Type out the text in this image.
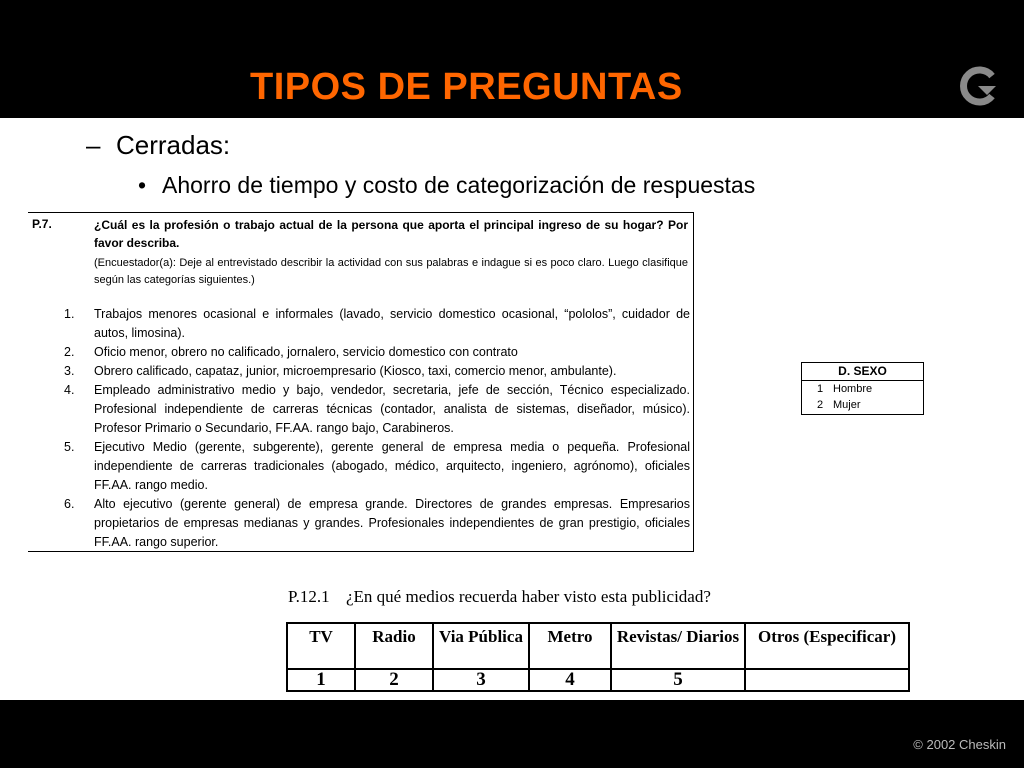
TIPOS DE PREGUNTAS
– Cerradas:
• Ahorro de tiempo y costo de categorización de respuestas
P.7.	¿Cuál es la profesión o trabajo actual de la persona que aporta el principal ingreso de su hogar? Por favor describa.
(Encuestador(a): Deje al entrevistado describir la actividad con sus palabras e indague si es poco claro. Luego clasifique según las categorías siguientes.)
1. Trabajos menores ocasional e informales (lavado, servicio domestico ocasional, “pololos”, cuidador de autos, limosina).
2. Oficio menor, obrero no calificado, jornalero, servicio domestico con contrato
3. Obrero calificado, capataz, junior, microempresario (Kiosco, taxi, comercio menor, ambulante).
4. Empleado administrativo medio y bajo, vendedor, secretaria, jefe de sección, Técnico especializado. Profesional independiente de carreras técnicas (contador, analista de sistemas, diseñador, músico). Profesor Primario o Secundario, FF.AA. rango bajo, Carabineros.
5. Ejecutivo Medio (gerente, subgerente), gerente general de empresa media o pequeña. Profesional independiente de carreras tradicionales (abogado, médico, arquitecto, ingeniero, agrónomo), oficiales FF.AA. rango medio.
6. Alto ejecutivo (gerente general) de empresa grande. Directores de grandes empresas. Empresarios propietarios de empresas medianas y grandes. Profesionales independientes de gran prestigio, oficiales FF.AA. rango superior.
D. SEXO
1 Hombre
2 Mujer
P.12.1 ¿En qué medios recuerda haber visto esta publicidad?
TV	Radio	Via Pública	Metro	Revistas/ Diarios	Otros (Especificar)
1	2	3	4	5	
© 2002 Cheskin
